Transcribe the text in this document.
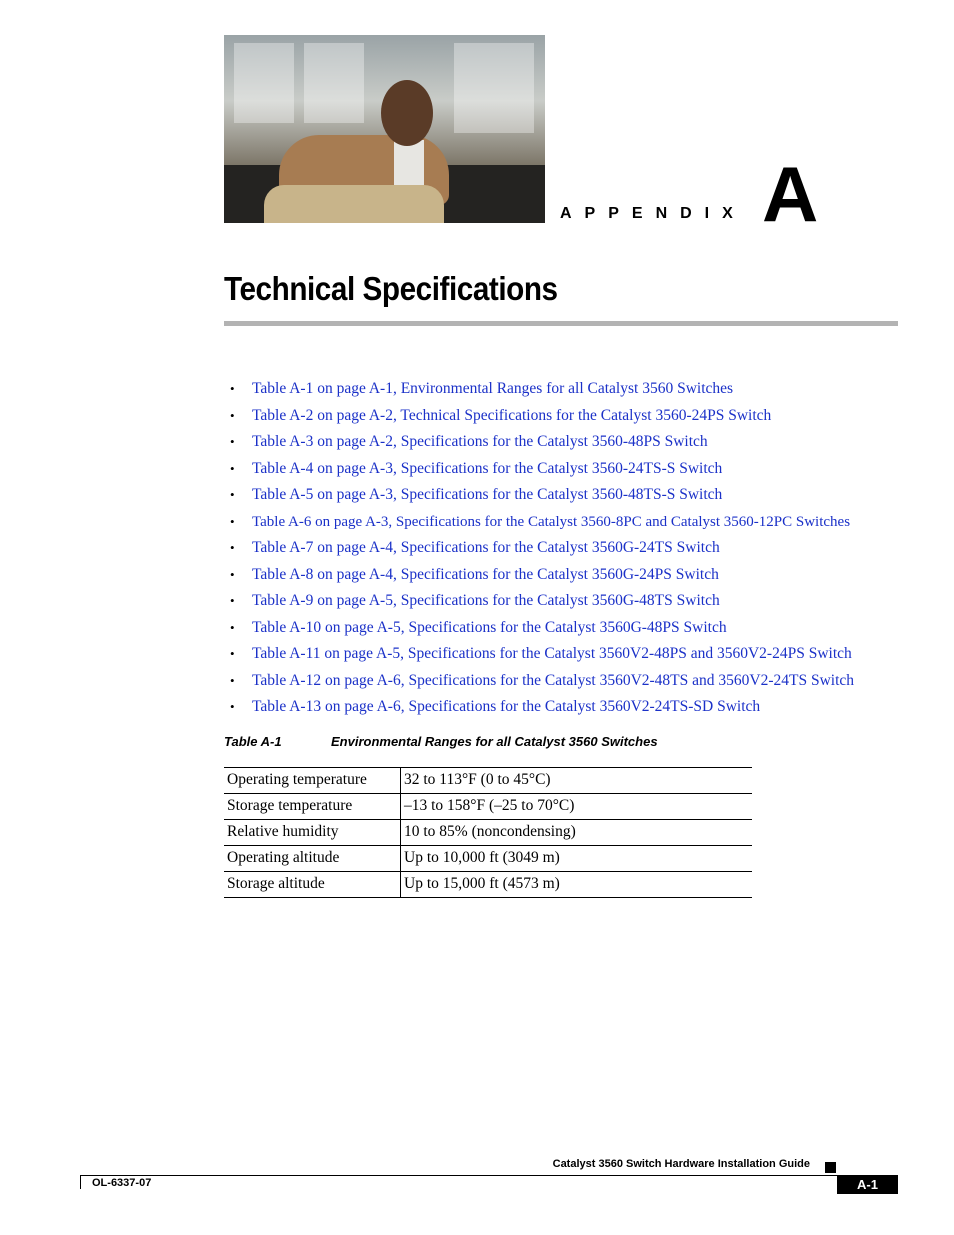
APPENDIX A
Technical Specifications
• Table A-1 on page A-1, Environmental Ranges for all Catalyst 3560 Switches
• Table A-2 on page A-2, Technical Specifications for the Catalyst 3560-24PS Switch
• Table A-3 on page A-2, Specifications for the Catalyst 3560-48PS Switch
• Table A-4 on page A-3, Specifications for the Catalyst 3560-24TS-S Switch
• Table A-5 on page A-3, Specifications for the Catalyst 3560-48TS-S Switch
• Table A-6 on page A-3, Specifications for the Catalyst 3560-8PC and Catalyst 3560-12PC Switches
• Table A-7 on page A-4, Specifications for the Catalyst 3560G-24TS Switch
• Table A-8 on page A-4, Specifications for the Catalyst 3560G-24PS Switch
• Table A-9 on page A-5, Specifications for the Catalyst 3560G-48TS Switch
• Table A-10 on page A-5, Specifications for the Catalyst 3560G-48PS Switch
• Table A-11 on page A-5, Specifications for the Catalyst 3560V2-48PS and 3560V2-24PS Switch
• Table A-12 on page A-6, Specifications for the Catalyst 3560V2-48TS and 3560V2-24TS Switch
• Table A-13 on page A-6, Specifications for the Catalyst 3560V2-24TS-SD Switch
Table A-1	Environmental Ranges for all Catalyst 3560 Switches
Operating temperature	32 to 113°F (0 to 45°C)
Storage temperature	–13 to 158°F (–25 to 70°C)
Relative humidity	10 to 85% (noncondensing)
Operating altitude	Up to 10,000 ft (3049 m)
Storage altitude	Up to 15,000 ft (4573 m)
Catalyst 3560 Switch Hardware Installation Guide
OL-6337-07	A-1
